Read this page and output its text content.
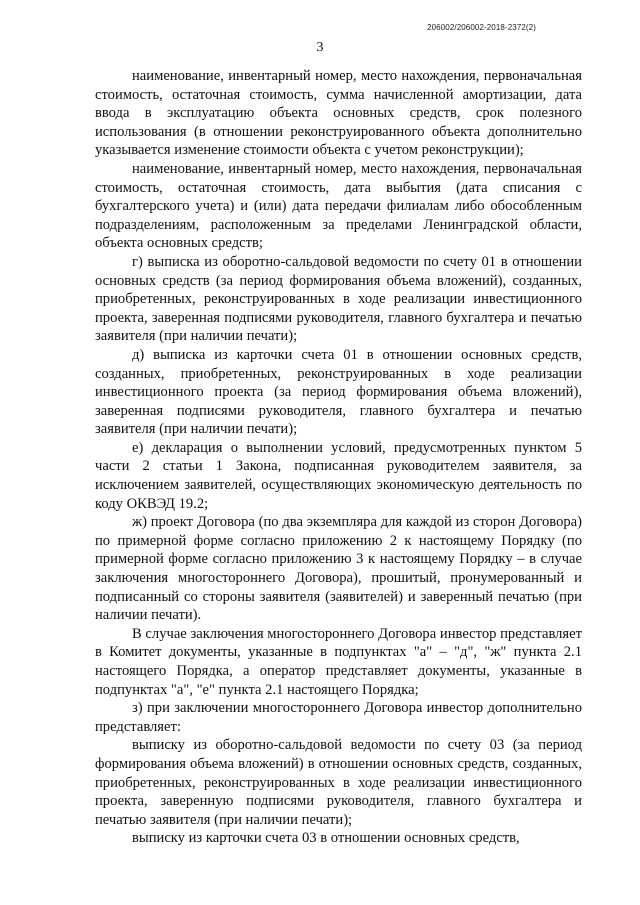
206002/206002-2018-2372(2)
3

наименование, инвентарный номер, место нахождения, первоначальная стоимость, остаточная стоимость, сумма начисленной амортизации, дата ввода в эксплуатацию объекта основных средств, срок полезного использования (в отношении реконструированного объекта дополнительно указывается изменение стоимости объекта с учетом реконструкции);

наименование, инвентарный номер, место нахождения, первоначальная стоимость, остаточная стоимость, дата выбытия (дата списания с бухгалтерского учета) и (или) дата передачи филиалам либо обособленным подразделениям, расположенным за пределами Ленинградской области, объекта основных средств;

г) выписка из оборотно-сальдовой ведомости по счету 01 в отношении основных средств (за период формирования объема вложений), созданных, приобретенных, реконструированных в ходе реализации инвестиционного проекта, заверенная подписями руководителя, главного бухгалтера и печатью заявителя (при наличии печати);

д) выписка из карточки счета 01 в отношении основных средств, созданных, приобретенных, реконструированных в ходе реализации инвестиционного проекта (за период формирования объема вложений), заверенная подписями руководителя, главного бухгалтера и печатью заявителя (при наличии печати);

е) декларация о выполнении условий, предусмотренных пунктом 5 части 2 статьи 1 Закона, подписанная руководителем заявителя, за исключением заявителей, осуществляющих экономическую деятельность по коду ОКВЭД 19.2;

ж) проект Договора (по два экземпляра для каждой из сторон Договора) по примерной форме согласно приложению 2 к настоящему Порядку (по примерной форме согласно приложению 3 к настоящему Порядку – в случае заключения многостороннего Договора), прошитый, пронумерованный и подписанный со стороны заявителя (заявителей) и заверенный печатью (при наличии печати).

В случае заключения многостороннего Договора инвестор представляет в Комитет документы, указанные в подпунктах "а" – "д", "ж" пункта 2.1 настоящего Порядка, а оператор представляет документы, указанные в подпунктах "а", "е" пункта 2.1 настоящего Порядка;

з) при заключении многостороннего Договора инвестор дополнительно представляет:

выписку из оборотно-сальдовой ведомости по счету 03 (за период формирования объема вложений) в отношении основных средств, созданных, приобретенных, реконструированных в ходе реализации инвестиционного проекта, заверенную подписями руководителя, главного бухгалтера и печатью заявителя (при наличии печати);

выписку из карточки счета 03 в отношении основных средств,
